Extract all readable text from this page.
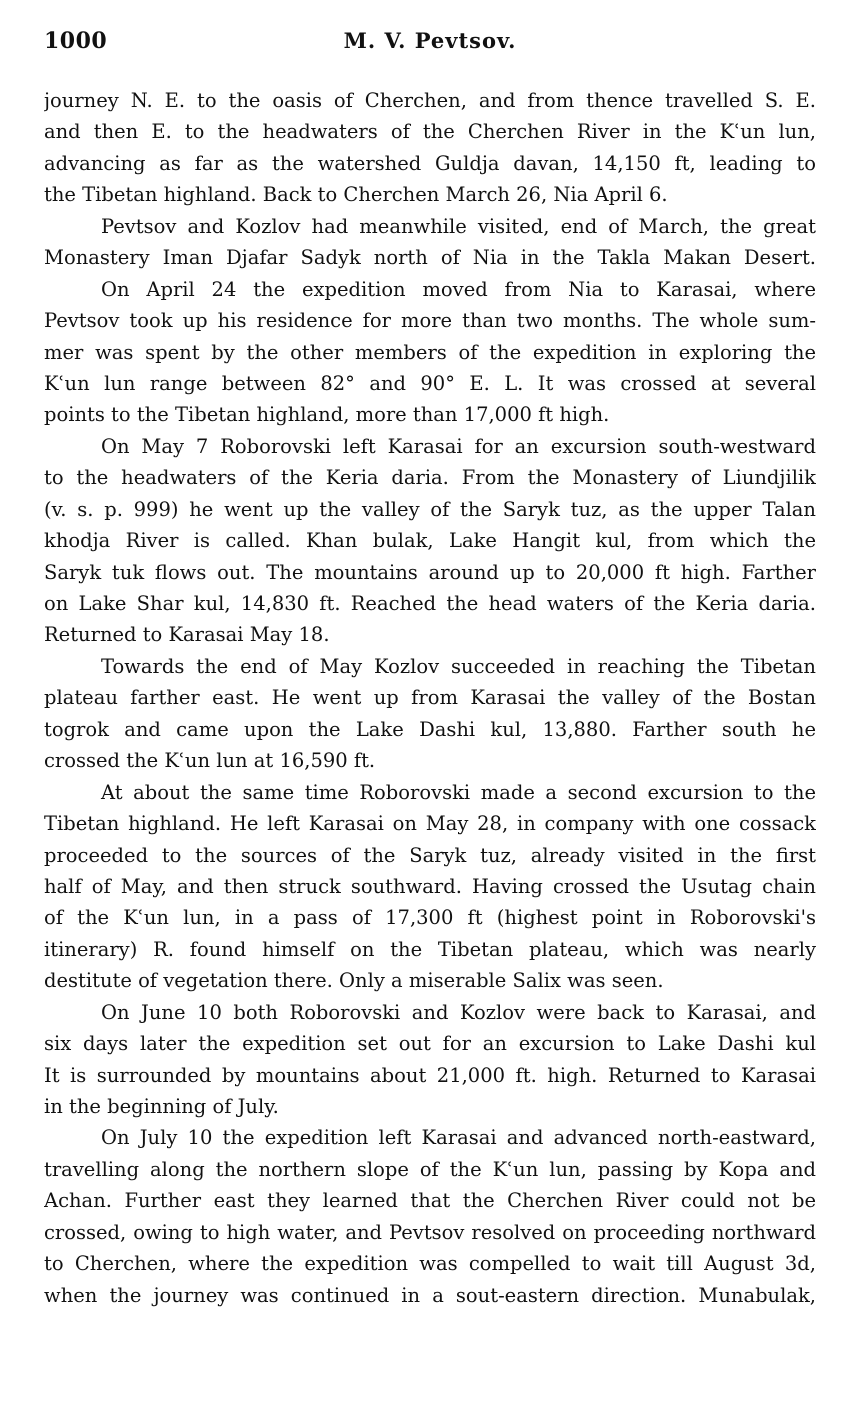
1000	M. V. Pevtsov.
journey N. E. to the oasis of Cherchen, and from thence travelled S. E.
and then E. to the headwaters of the Cherchen River in the Kʿun lun,
advancing as far as the watershed Guldja davan, 14,150 ft, leading to
the Tibetan highland. Back to Cherchen March 26, Nia April 6.
Pevtsov and Kozlov had meanwhile visited, end of March, the great
Monastery Iman Djafar Sadyk north of Nia in the Takla Makan Desert.
On April 24 the expedition moved from Nia to Karasai, where
Pevtsov took up his residence for more than two months. The whole sum-
mer was spent by the other members of the expedition in exploring the
Kʿun lun range between 82° and 90° E. L. It was crossed at several
points to the Tibetan highland, more than 17,000 ft high.
On May 7 Roborovski left Karasai for an excursion south-westward
to the headwaters of the Keria daria. From the Monastery of Liundjilik
(v. s. p. 999) he went up the valley of the Saryk tuz, as the upper Talan
khodja River is called. Khan bulak, Lake Hangit kul, from which the
Saryk tuk flows out. The mountains around up to 20,000 ft high. Farther
on Lake Shar kul, 14,830 ft. Reached the head waters of the Keria daria.
Returned to Karasai May 18.
Towards the end of May Kozlov succeeded in reaching the Tibetan
plateau farther east. He went up from Karasai the valley of the Bostan
togrok and came upon the Lake Dashi kul, 13,880. Farther south he
crossed the Kʿun lun at 16,590 ft.
At about the same time Roborovski made a second excursion to the
Tibetan highland. He left Karasai on May 28, in company with one cossack
proceeded to the sources of the Saryk tuz, already visited in the first
half of May, and then struck southward. Having crossed the Usutag chain
of the Kʿun lun, in a pass of 17,300 ft (highest point in Roborovski's
itinerary) R. found himself on the Tibetan plateau, which was nearly
destitute of vegetation there. Only a miserable Salix was seen.
On June 10 both Roborovski and Kozlov were back to Karasai, and
six days later the expedition set out for an excursion to Lake Dashi kul
It is surrounded by mountains about 21,000 ft. high. Returned to Karasai
in the beginning of July.
On July 10 the expedition left Karasai and advanced north-eastward,
travelling along the northern slope of the Kʿun lun, passing by Kopa and
Achan. Further east they learned that the Cherchen River could not be
crossed, owing to high water, and Pevtsov resolved on proceeding northward
to Cherchen, where the expedition was compelled to wait till August 3d,
when the journey was continued in a sout-eastern direction. Munabulak,
